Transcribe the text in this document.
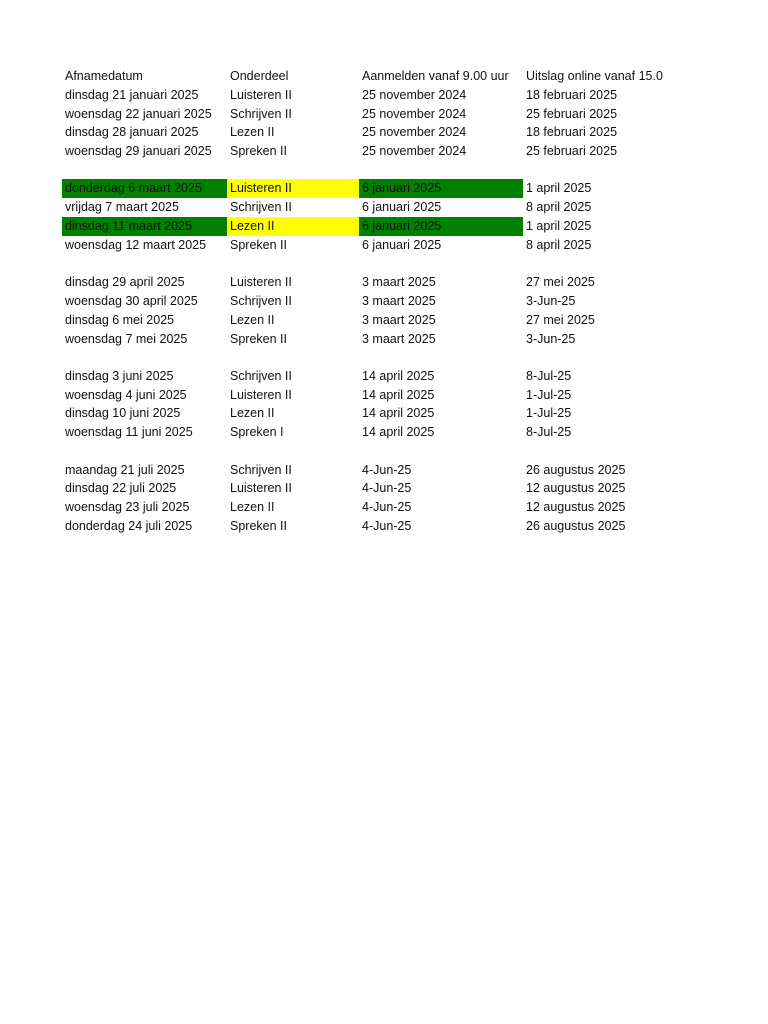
Afnamedatum	Onderdeel	Aanmelden vanaf 9.00 uur	Uitslag online vanaf 15.0
dinsdag 21 januari 2025	Luisteren II	25 november 2024	18 februari 2025
woensdag 22 januari 2025	Schrijven II	25 november 2024	25 februari 2025
dinsdag 28 januari 2025	Lezen II	25 november 2024	18 februari 2025
woensdag 29 januari 2025	Spreken II	25 november 2024	25 februari 2025
donderdag 6 maart 2025	Luisteren II	6 januari 2025	1 april 2025
vrijdag 7 maart 2025	Schrijven II	6 januari 2025	8 april 2025
dinsdag 11 maart 2025	Lezen II	6 januari 2025	1 april 2025
woensdag 12 maart 2025	Spreken II	6 januari 2025	8 april 2025
dinsdag 29 april 2025	Luisteren II	3 maart 2025	27 mei 2025
woensdag 30 april 2025	Schrijven II	3 maart 2025	3-Jun-25
dinsdag 6 mei 2025	Lezen II	3 maart 2025	27 mei 2025
woensdag 7 mei 2025	Spreken II	3 maart 2025	3-Jun-25
dinsdag 3 juni 2025	Schrijven II	14 april 2025	8-Jul-25
woensdag 4 juni 2025	Luisteren II	14 april 2025	1-Jul-25
dinsdag 10 juni 2025	Lezen II	14 april 2025	1-Jul-25
woensdag 11 juni 2025	Spreken I	14 april 2025	8-Jul-25
maandag 21 juli 2025	Schrijven II	4-Jun-25	26 augustus 2025
dinsdag 22 juli 2025	Luisteren II	4-Jun-25	12 augustus 2025
woensdag 23 juli 2025	Lezen II	4-Jun-25	12 augustus 2025
donderdag 24 juli 2025	Spreken II	4-Jun-25	26 augustus 2025
